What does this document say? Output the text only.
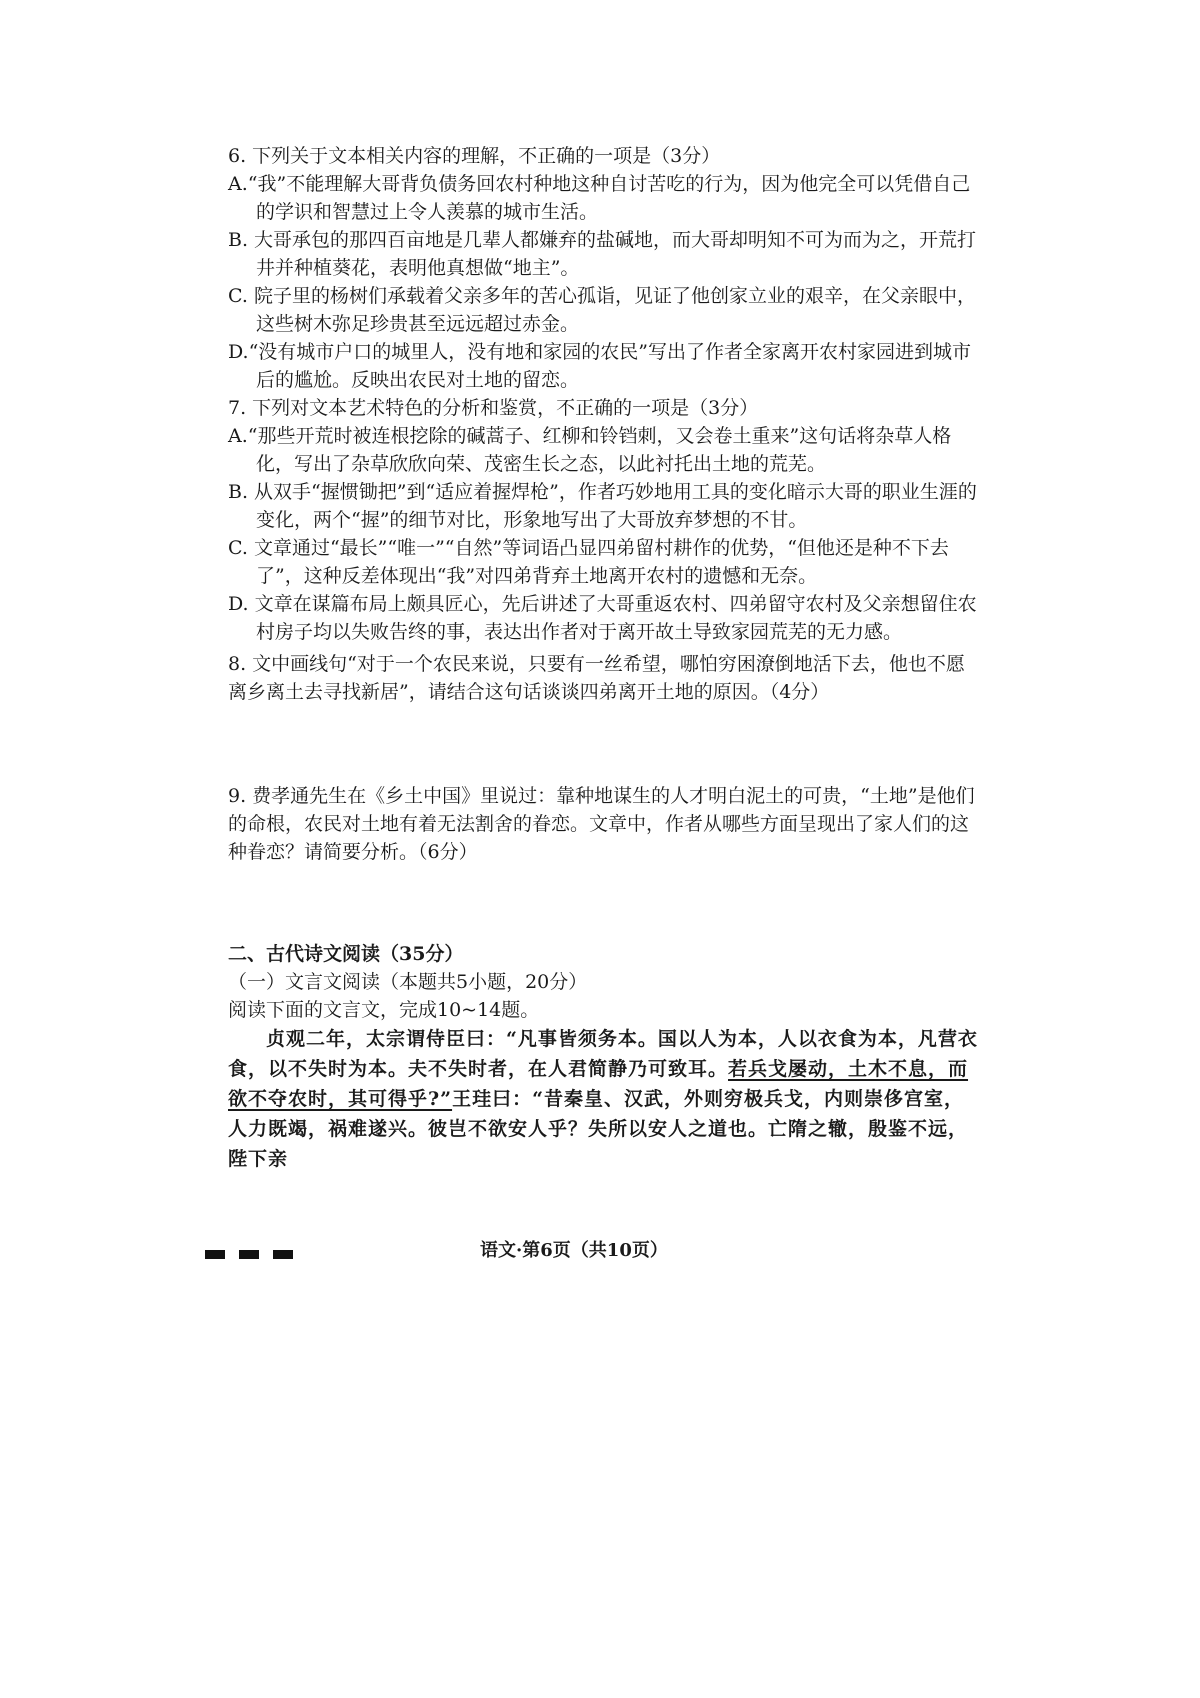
6. 下列关于文本相关内容的理解，不正确的一项是（3分）
A.“我”不能理解大哥背负债务回农村种地这种自讨苦吃的行为，因为他完全可以凭借自己的学识和智慧过上令人羡慕的城市生活。
B. 大哥承包的那四百亩地是几辈人都嫌弃的盐碱地，而大哥却明知不可为而为之，开荒打井并种植葵花，表明他真想做“地主”。
C. 院子里的杨树们承载着父亲多年的苦心孤诣，见证了他创家立业的艰辛，在父亲眼中，这些树木弥足珍贵甚至远远超过赤金。
D.“没有城市户口的城里人，没有地和家园的农民”写出了作者全家离开农村家园进到城市后的尴尬。反映出农民对土地的留恋。
7. 下列对文本艺术特色的分析和鉴赏，不正确的一项是（3分）
A.“那些开荒时被连根挖除的碱蒿子、红柳和铃铛刺，又会卷土重来”这句话将杂草人格化，写出了杂草欣欣向荣、茂密生长之态，以此衬托出土地的荒芜。
B. 从双手“握惯锄把”到“适应着握焊枪”，作者巧妙地用工具的变化暗示大哥的职业生涯的变化，两个“握”的细节对比，形象地写出了大哥放弃梦想的不甘。
C. 文章通过“最长”“唯一”“自然”等词语凸显四弟留村耕作的优势，“但他还是种不下去了”，这种反差体现出“我”对四弟背弃土地离开农村的遗憾和无奈。
D. 文章在谋篇布局上颇具匠心，先后讲述了大哥重返农村、四弟留守农村及父亲想留住农村房子均以失败告终的事，表达出作者对于离开故土导致家园荒芜的无力感。
8. 文中画线句“对于一个农民来说，只要有一丝希望，哪怕穷困潦倒地活下去，他也不愿离乡离土去寻找新居”，请结合这句话谈谈四弟离开土地的原因。（4分）
9. 费孝通先生在《乡土中国》里说过：靠种地谋生的人才明白泥土的可贵，“土地”是他们的命根，农民对土地有着无法割舍的眷恋。文章中，作者从哪些方面呈现出了家人们的这种眷恋？请简要分析。（6分）
二、古代诗文阅读（35分）
（一）文言文阅读（本题共5小题，20分）
阅读下面的文言文，完成10~14题。
贞观二年，太宗谓侍臣曰：“凡事皆须务本。国以人为本，人以衣食为本，凡营衣食，以不失时为本。夫不失时者，在人君简静乃可致耳。若兵戈屡动，土木不息，而欲不夺农时，其可得乎?”王珪曰：“昔秦皇、汉武，外则穷极兵戈，内则崇侈宫室，人力既竭，祸难遂兴。彼岂不欲安人乎？失所以安人之道也。亡隋之辙，殷鉴不远，陛下亲
语文·第6页（共10页）
